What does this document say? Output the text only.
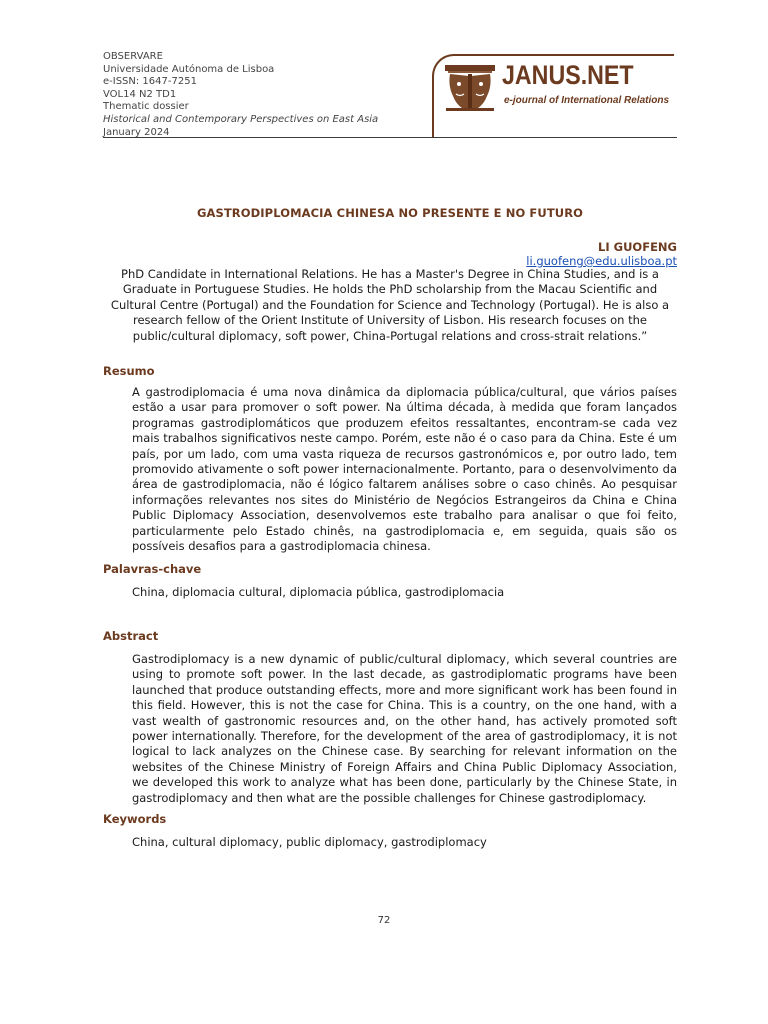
OBSERVARE
Universidade Autónoma de Lisboa
e-ISSN: 1647-7251
VOL14 N2 TD1
Thematic dossier
Historical and Contemporary Perspectives on East Asia
January 2024
JANUS.NET
e-journal of International Relations
GASTRODIPLOMACIA CHINESA NO PRESENTE E NO FUTURO
LI GUOFENG
li.guofeng@edu.ulisboa.pt
PhD Candidate in International Relations. He has a Master's Degree in China Studies, and is a Graduate in Portuguese Studies. He holds the PhD scholarship from the Macau Scientific and Cultural Centre (Portugal) and the Foundation for Science and Technology (Portugal). He is also a research fellow of the Orient Institute of University of Lisbon. His research focuses on the public/cultural diplomacy, soft power, China-Portugal relations and cross-strait relations.”
Resumo
A gastrodiplomacia é uma nova dinâmica da diplomacia pública/cultural, que vários países estão a usar para promover o soft power. Na última década, à medida que foram lançados programas gastrodiplomáticos que produzem efeitos ressaltantes, encontram-se cada vez mais trabalhos significativos neste campo. Porém, este não é o caso para da China. Este é um país, por um lado, com uma vasta riqueza de recursos gastronómicos e, por outro lado, tem promovido ativamente o soft power internacionalmente. Portanto, para o desenvolvimento da área de gastrodiplomacia, não é lógico faltarem análises sobre o caso chinês. Ao pesquisar informações relevantes nos sites do Ministério de Negócios Estrangeiros da China e China Public Diplomacy Association, desenvolvemos este trabalho para analisar o que foi feito, particularmente pelo Estado chinês, na gastrodiplomacia e, em seguida, quais são os possíveis desafios para a gastrodiplomacia chinesa.
Palavras-chave
China, diplomacia cultural, diplomacia pública, gastrodiplomacia
Abstract
Gastrodiplomacy is a new dynamic of public/cultural diplomacy, which several countries are using to promote soft power. In the last decade, as gastrodiplomatic programs have been launched that produce outstanding effects, more and more significant work has been found in this field. However, this is not the case for China. This is a country, on the one hand, with a vast wealth of gastronomic resources and, on the other hand, has actively promoted soft power internationally. Therefore, for the development of the area of gastrodiplomacy, it is not logical to lack analyzes on the Chinese case. By searching for relevant information on the websites of the Chinese Ministry of Foreign Affairs and China Public Diplomacy Association, we developed this work to analyze what has been done, particularly by the Chinese State, in gastrodiplomacy and then what are the possible challenges for Chinese gastrodiplomacy.
Keywords
China, cultural diplomacy, public diplomacy, gastrodiplomacy
72
